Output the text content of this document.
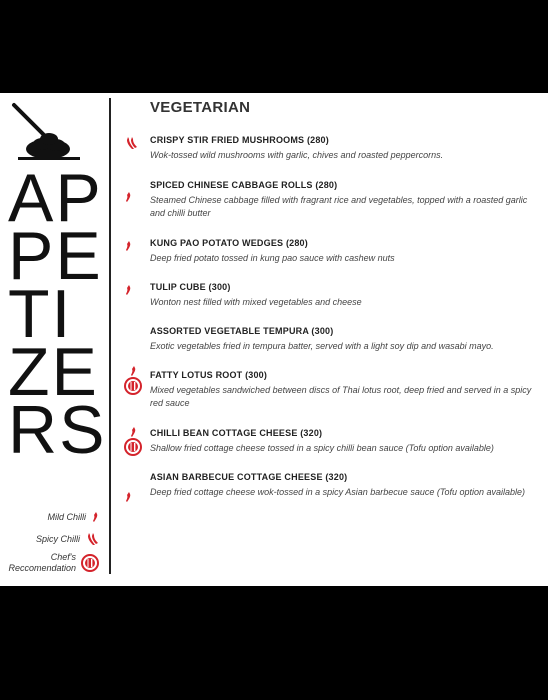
AP
PE
TI
ZE
RS
Mild Chilli
Spicy Chilli
Chef's
Reccomendation
VEGETARIAN
CRISPY STIR FRIED MUSHROOMS (280)
Wok-tossed wild mushrooms with garlic, chives and roasted peppercorns.
SPICED CHINESE CABBAGE ROLLS (280)
Steamed Chinese cabbage filled with fragrant rice and vegetables, topped with a roasted garlic and chilli butter
KUNG PAO POTATO WEDGES (280)
Deep fried potato tossed in kung pao sauce with cashew nuts
TULIP CUBE (300)
Wonton nest filled with mixed vegetables and cheese
ASSORTED VEGETABLE TEMPURA (300)
Exotic vegetables fried in tempura batter, served with a light soy dip and wasabi mayo.
FATTY LOTUS ROOT (300)
Mixed vegetables sandwiched between discs of Thai lotus root, deep fried and served in a spicy red sauce
CHILLI BEAN COTTAGE CHEESE (320)
Shallow fried cottage cheese tossed in a spicy chilli bean sauce (Tofu option available)
ASIAN BARBECUE COTTAGE CHEESE (320)
Deep fried cottage cheese wok-tossed in a spicy Asian barbecue sauce (Tofu option available)
